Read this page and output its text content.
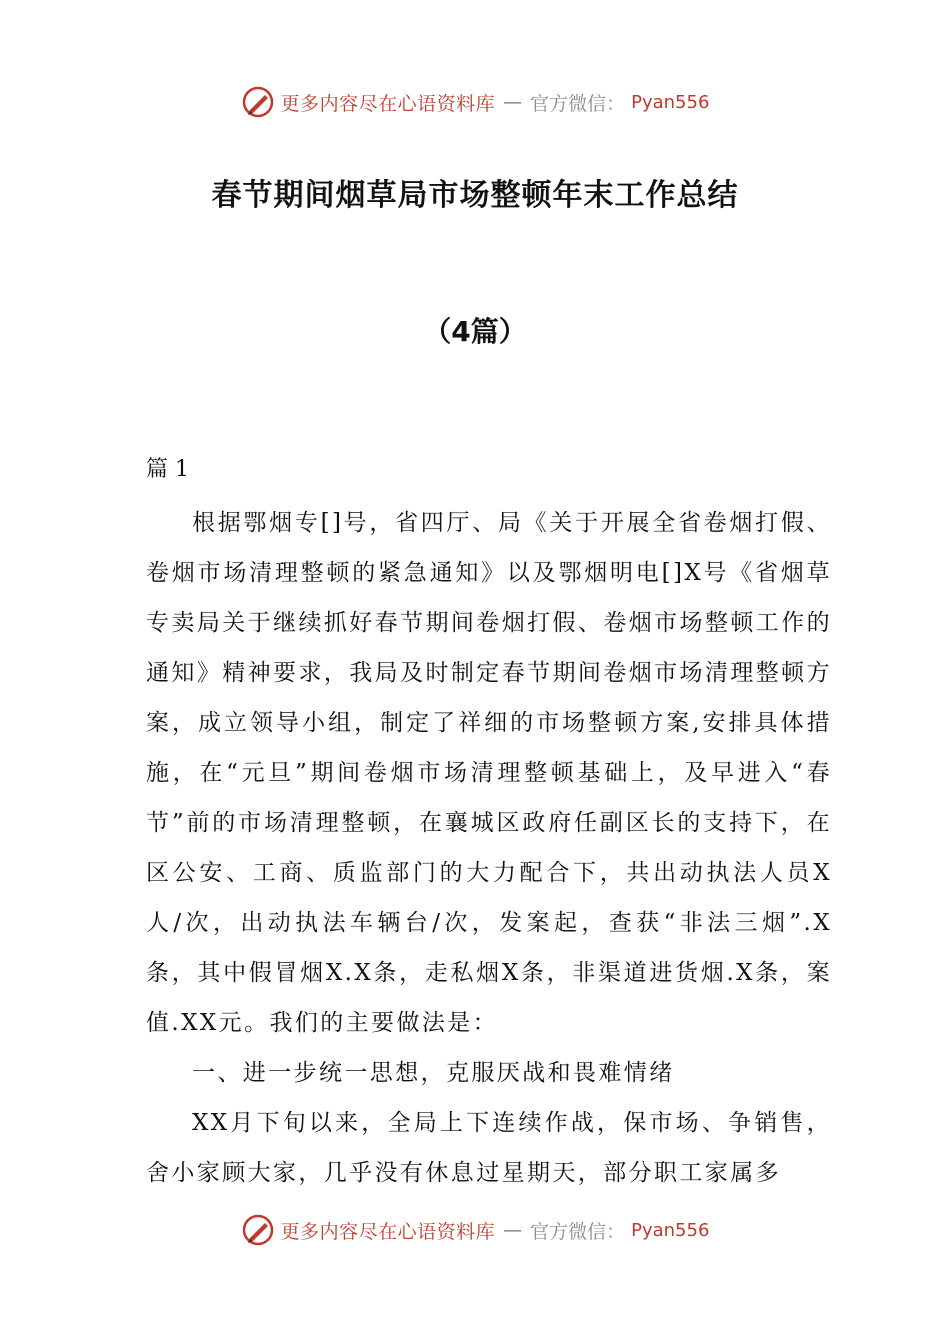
更多内容尽在心语资料库 — 官方微信： Pyan556
春节期间烟草局市场整顿年末工作总结
（4篇）
篇 1

根据鄂烟专[]号，省四厅、局《关于开展全省卷烟打假、卷烟市场清理整顿的紧急通知》以及鄂烟明电[]X号《省烟草专卖局关于继续抓好春节期间卷烟打假、卷烟市场整顿工作的通知》精神要求，我局及时制定春节期间卷烟市场清理整顿方案，成立领导小组，制定了祥细的市场整顿方案,安排具体措施，在“元旦”期间卷烟市场清理整顿基础上，及早进入“春节”前的市场清理整顿，在襄城区政府任副区长的支持下，在区公安、工商、质监部门的大力配合下，共出动执法人员X人/次，出动执法车辆台/次，发案起，查获“非法三烟”.X条，其中假冒烟X.X条，走私烟X条，非渠道进货烟.X条，案值.XX元。我们的主要做法是：

一、进一步统一思想，克服厌战和畏难情绪

XX月下旬以来，全局上下连续作战，保市场、争销售，舍小家顾大家，几乎没有休息过星期天，部分职工家属多

更多内容尽在心语资料库 — 官方微信： Pyan556
